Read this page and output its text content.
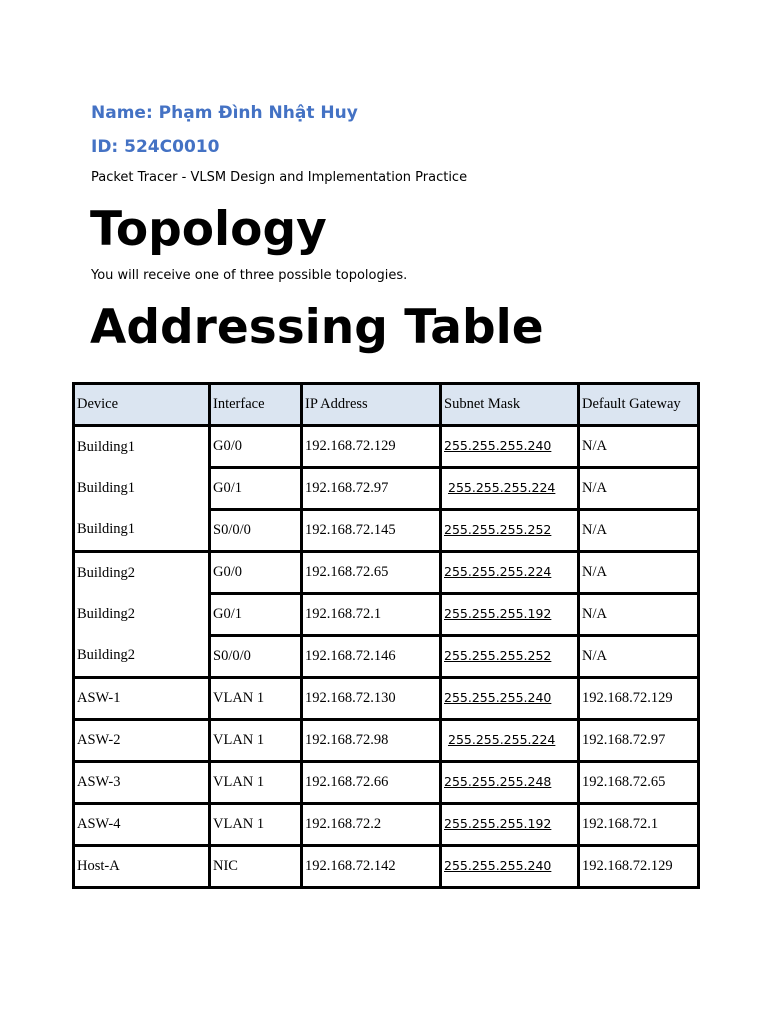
Name: Phạm Đình Nhật Huy
ID: 524C0010
Packet Tracer - VLSM Design and Implementation Practice
Topology
You will receive one of three possible topologies.
Addressing Table
Device	Interface	IP Address	Subnet Mask	Default Gateway
Building1	G0/0	192.168.72.129	255.255.255.240	N/A
Building1	G0/1	192.168.72.97	255.255.255.224	N/A
Building1	S0/0/0	192.168.72.145	255.255.255.252	N/A
Building2	G0/0	192.168.72.65	255.255.255.224	N/A
Building2	G0/1	192.168.72.1	255.255.255.192	N/A
Building2	S0/0/0	192.168.72.146	255.255.255.252	N/A
ASW-1	VLAN 1	192.168.72.130	255.255.255.240	192.168.72.129
ASW-2	VLAN 1	192.168.72.98	255.255.255.224	192.168.72.97
ASW-3	VLAN 1	192.168.72.66	255.255.255.248	192.168.72.65
ASW-4	VLAN 1	192.168.72.2	255.255.255.192	192.168.72.1
Host-A	NIC	192.168.72.142	255.255.255.240	192.168.72.129
